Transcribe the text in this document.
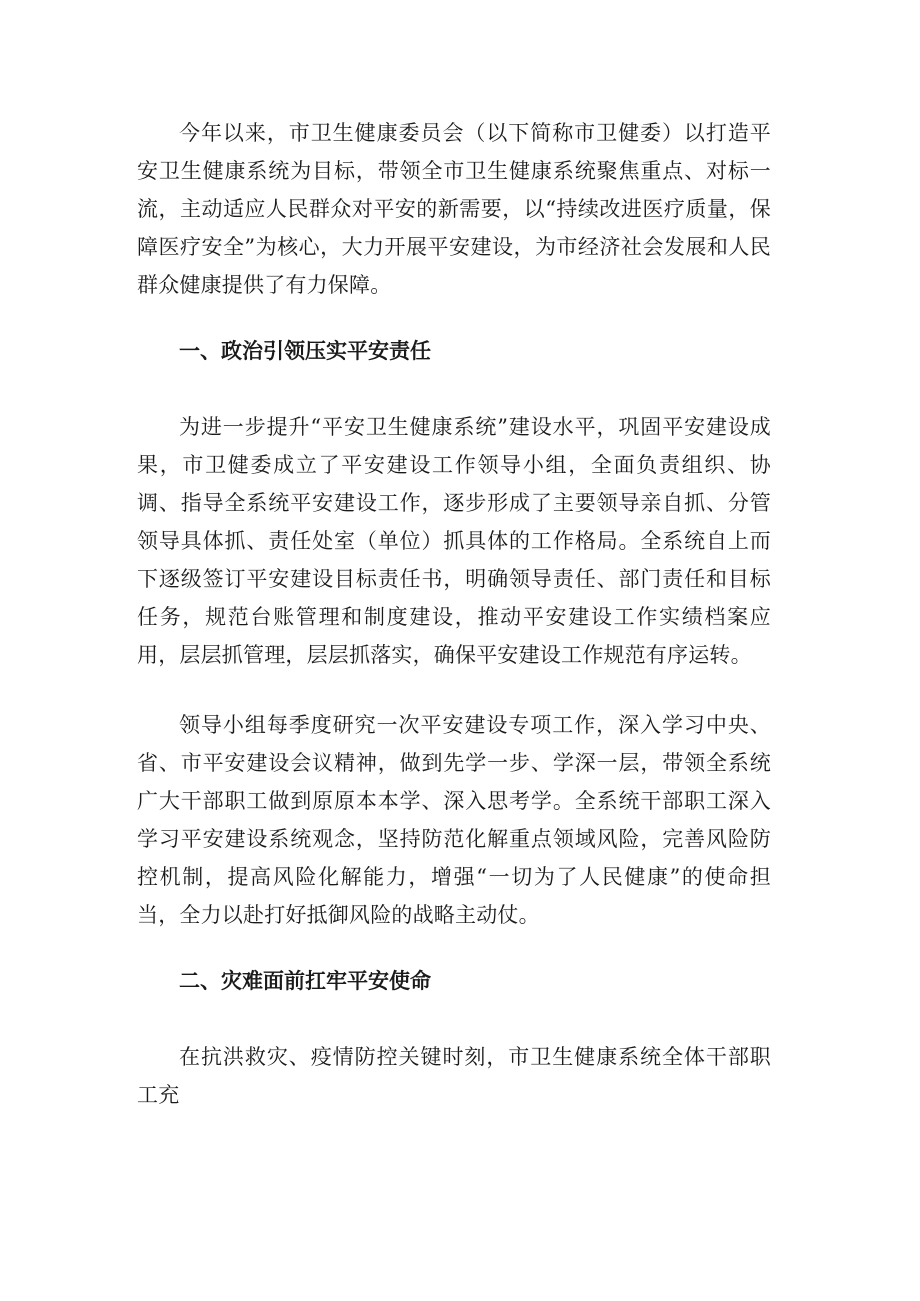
今年以来，市卫生健康委员会（以下简称市卫健委）以打造平安卫生健康系统为目标，带领全市卫生健康系统聚焦重点、对标一流，主动适应人民群众对平安的新需要，以“持续改进医疗质量，保障医疗安全”为核心，大力开展平安建设，为市经济社会发展和人民群众健康提供了有力保障。

一、政治引领压实平安责任

为进一步提升“平安卫生健康系统”建设水平，巩固平安建设成果，市卫健委成立了平安建设工作领导小组，全面负责组织、协调、指导全系统平安建设工作，逐步形成了主要领导亲自抓、分管领导具体抓、责任处室（单位）抓具体的工作格局。全系统自上而下逐级签订平安建设目标责任书，明确领导责任、部门责任和目标任务，规范台账管理和制度建设，推动平安建设工作实绩档案应用，层层抓管理，层层抓落实，确保平安建设工作规范有序运转。

领导小组每季度研究一次平安建设专项工作，深入学习中央、省、市平安建设会议精神，做到先学一步、学深一层，带领全系统广大干部职工做到原原本本学、深入思考学。全系统干部职工深入学习平安建设系统观念，坚持防范化解重点领域风险，完善风险防控机制，提高风险化解能力，增强“一切为了人民健康”的使命担当，全力以赴打好抵御风险的战略主动仗。

二、灾难面前扛牢平安使命

在抗洪救灾、疫情防控关键时刻，市卫生健康系统全体干部职工充
